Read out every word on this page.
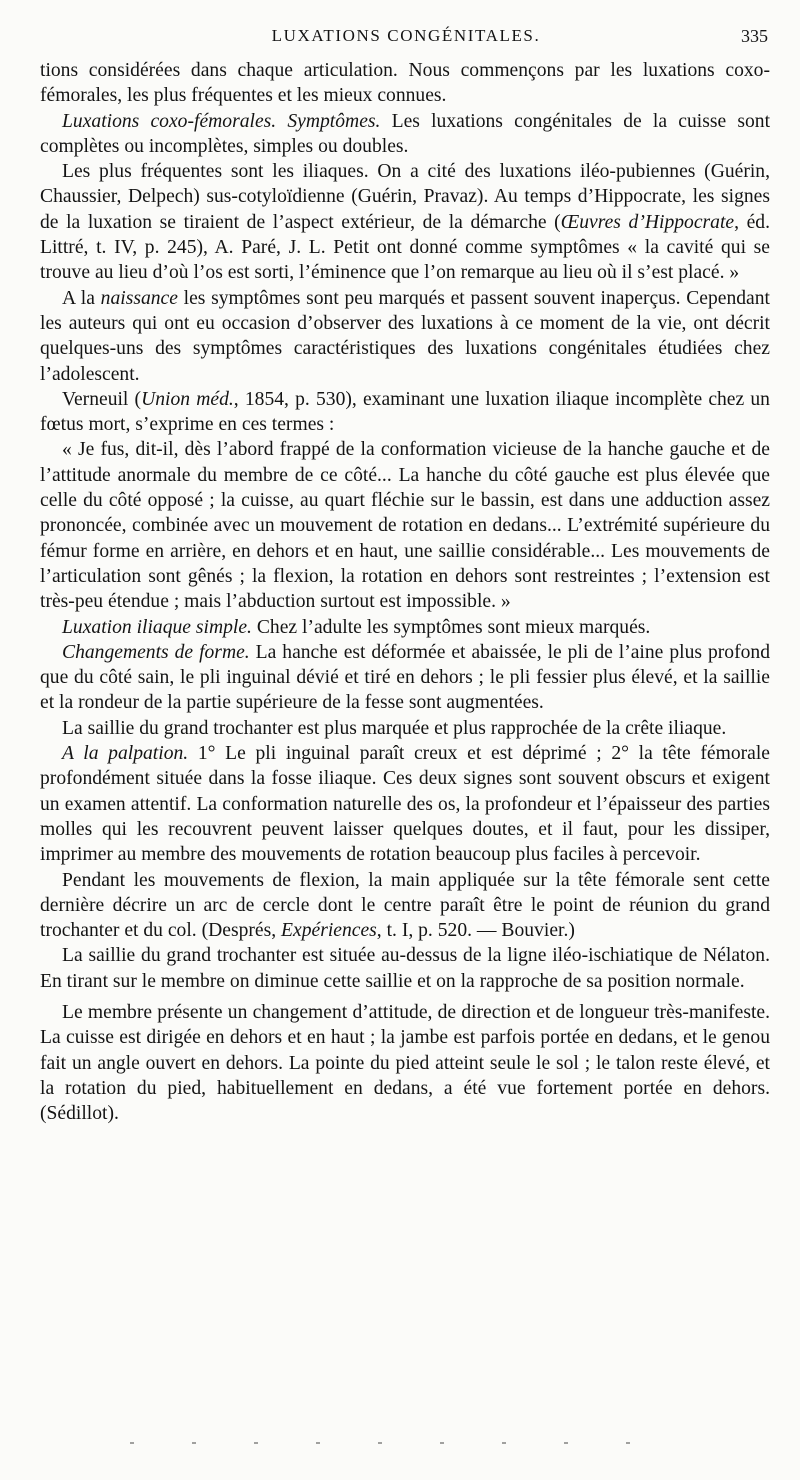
LUXATIONS CONGÉNITALES.	335

tions considérées dans chaque articulation. Nous commençons par les luxations coxo-fémorales, les plus fréquentes et les mieux connues.

Luxations coxo-fémorales. Symptômes. Les luxations congénitales de la cuisse sont complètes ou incomplètes, simples ou doubles.

Les plus fréquentes sont les iliaques. On a cité des luxations iléo-pubiennes (Guérin, Chaussier, Delpech) sus-cotyloïdienne (Guérin, Pravaz). Au temps d’Hippocrate, les signes de la luxation se tiraient de l’aspect extérieur, de la démarche (Œuvres d’Hippocrate, éd. Littré, t. IV, p. 245), A. Paré, J. L. Petit ont donné comme symptômes « la cavité qui se trouve au lieu d’où l’os est sorti, l’éminence que l’on remarque au lieu où il s’est placé. »

A la naissance les symptômes sont peu marqués et passent souvent inaperçus. Cependant les auteurs qui ont eu occasion d’observer des luxations à ce moment de la vie, ont décrit quelques-uns des symptômes caractéristiques des luxations congénitales étudiées chez l’adolescent.

Verneuil (Union méd., 1854, p. 530), examinant une luxation iliaque incomplète chez un fœtus mort, s’exprime en ces termes :

« Je fus, dit-il, dès l’abord frappé de la conformation vicieuse de la hanche gauche et de l’attitude anormale du membre de ce côté... La hanche du côté gauche est plus élevée que celle du côté opposé ; la cuisse, au quart fléchie sur le bassin, est dans une adduction assez prononcée, combinée avec un mouvement de rotation en dedans... L’extrémité supérieure du fémur forme en arrière, en dehors et en haut, une saillie considérable... Les mouvements de l’articulation sont gênés ; la flexion, la rotation en dehors sont restreintes ; l’extension est très-peu étendue ; mais l’abduction surtout est impossible. »

Luxation iliaque simple. Chez l’adulte les symptômes sont mieux marqués.

Changements de forme. La hanche est déformée et abaissée, le pli de l’aine plus profond que du côté sain, le pli inguinal dévié et tiré en dehors ; le pli fessier plus élevé, et la saillie et la rondeur de la partie supérieure de la fesse sont augmentées.

La saillie du grand trochanter est plus marquée et plus rapprochée de la crête iliaque.

A la palpation. 1° Le pli inguinal paraît creux et est déprimé ; 2° la tête fémorale profondément située dans la fosse iliaque. Ces deux signes sont souvent obscurs et exigent un examen attentif. La conformation naturelle des os, la profondeur et l’épaisseur des parties molles qui les recouvrent peuvent laisser quelques doutes, et il faut, pour les dissiper, imprimer au membre des mouvements de rotation beaucoup plus faciles à percevoir.

Pendant les mouvements de flexion, la main appliquée sur la tête fémorale sent cette dernière décrire un arc de cercle dont le centre paraît être le point de réunion du grand trochanter et du col. (Després, Expériences, t. I, p. 520. — Bouvier.)

La saillie du grand trochanter est située au-dessus de la ligne iléo-ischiatique de Nélaton. En tirant sur le membre on diminue cette saillie et on la rapproche de sa position normale.

Le membre présente un changement d’attitude, de direction et de longueur très-manifeste. La cuisse est dirigée en dehors et en haut ; la jambe est parfois portée en dedans, et le genou fait un angle ouvert en dehors. La pointe du pied atteint seule le sol ; le talon reste élevé, et la rotation du pied, habituellement en dedans, a été vue fortement portée en dehors. (Sédillot).
